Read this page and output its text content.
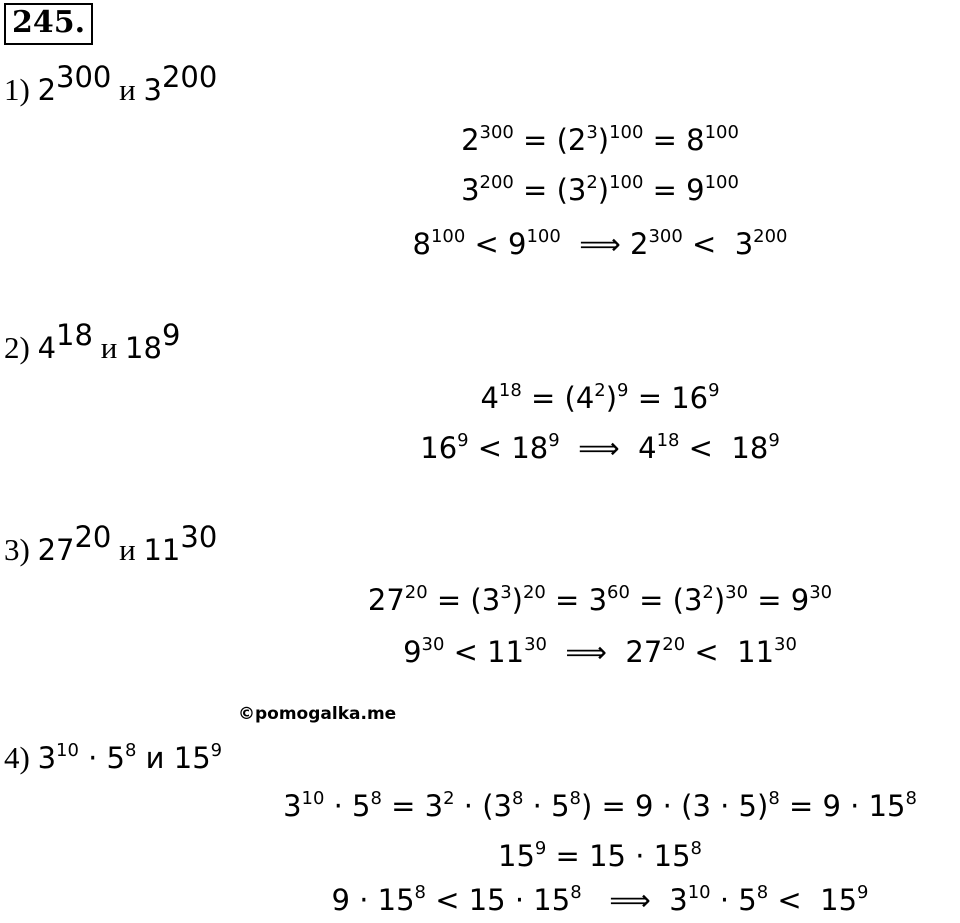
245.
1) $2^{300}$ и $3^{200}$
$2^{300} = (2^3)^{100} = 8^{100}$
$3^{200} = (3^2)^{100} = 9^{100}$
$8^{100} < 9^{100}$  ⟹ $2^{300} < 3^{200}$
2) $4^{18}$ и $18^9$
$4^{18} = (4^2)^9 = 16^9$
$16^9 < 18^9$  ⟹  $4^{18} < 18^9$
3) $27^{20}$ и $11^{30}$
$27^{20} = (3^3)^{20} = 3^{60} = (3^2)^{30} = 9^{30}$
$9^{30} < 11^{30}$  ⟹  $27^{20} < 11^{30}$
©pomogalka.me
4) $3^{10} \cdot 5^8$ и $15^9$
$3^{10} \cdot 5^8 = 3^2 \cdot (3^8 \cdot 5^8) = 9 \cdot (3 \cdot 5)^8 = 9 \cdot 15^8$
$15^9 = 15 \cdot 15^8$
$9 \cdot 15^8 < 15 \cdot 15^8$   ⟹  $3^{10} \cdot 5^8 < 15^9$
